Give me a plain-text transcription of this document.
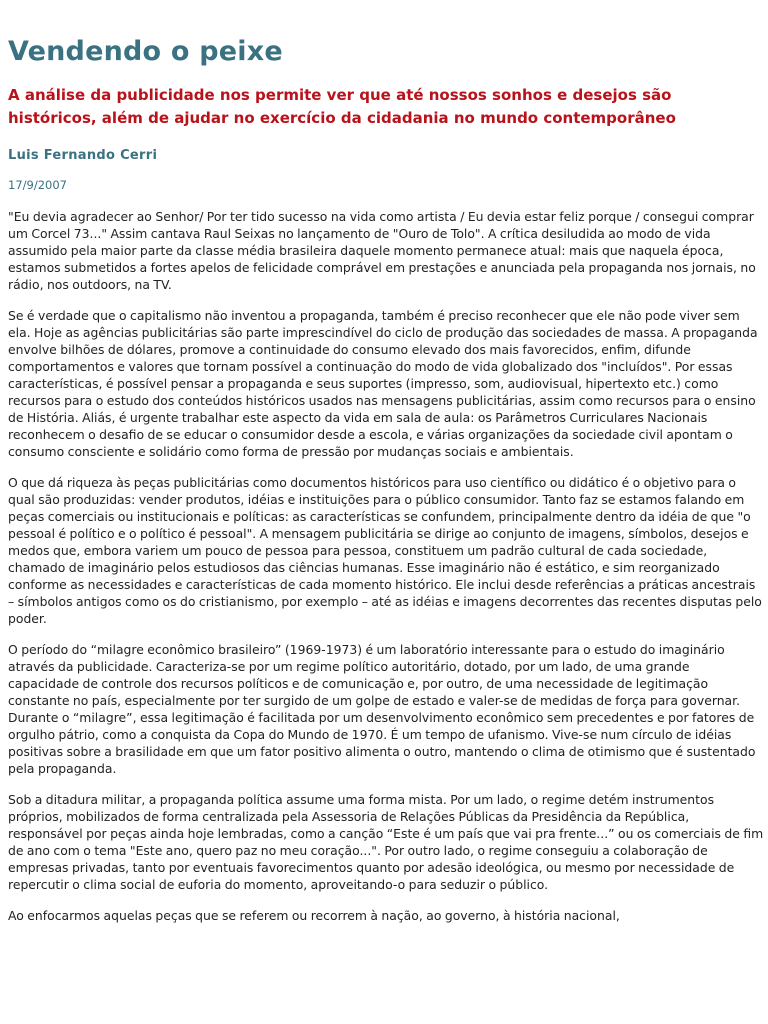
Vendendo o peixe
A análise da publicidade nos permite ver que até nossos sonhos e desejos são históricos, além de ajudar no exercício da cidadania no mundo contemporâneo
Luis Fernando Cerri
17/9/2007

"Eu devia agradecer ao Senhor/ Por ter tido sucesso na vida como artista / Eu devia estar feliz porque / consegui comprar um Corcel 73..." Assim cantava Raul Seixas no lançamento de "Ouro de Tolo". A crítica desiludida ao modo de vida assumido pela maior parte da classe média brasileira daquele momento permanece atual: mais que naquela época, estamos submetidos a fortes apelos de felicidade comprável em prestações e anunciada pela propaganda nos jornais, no rádio, nos outdoors, na TV.

Se é verdade que o capitalismo não inventou a propaganda, também é preciso reconhecer que ele não pode viver sem ela. Hoje as agências publicitárias são parte imprescindível do ciclo de produção das sociedades de massa. A propaganda envolve bilhões de dólares, promove a continuidade do consumo elevado dos mais favorecidos, enfim, difunde comportamentos e valores que tornam possível a continuação do modo de vida globalizado dos "incluídos". Por essas características, é possível pensar a propaganda e seus suportes (impresso, som, audiovisual, hipertexto etc.) como recursos para o estudo dos conteúdos históricos usados nas mensagens publicitárias, assim como recursos para o ensino de História. Aliás, é urgente trabalhar este aspecto da vida em sala de aula: os Parâmetros Curriculares Nacionais reconhecem o desafio de se educar o consumidor desde a escola, e várias organizações da sociedade civil apontam o consumo consciente e solidário como forma de pressão por mudanças sociais e ambientais.

O que dá riqueza às peças publicitárias como documentos históricos para uso científico ou didático é o objetivo para o qual são produzidas: vender produtos, idéias e instituições para o público consumidor. Tanto faz se estamos falando em peças comerciais ou institucionais e políticas: as características se confundem, principalmente dentro da idéia de que "o pessoal é político e o político é pessoal". A mensagem publicitária se dirige ao conjunto de imagens, símbolos, desejos e medos que, embora variem um pouco de pessoa para pessoa, constituem um padrão cultural de cada sociedade, chamado de imaginário pelos estudiosos das ciências humanas. Esse imaginário não é estático, e sim reorganizado conforme as necessidades e características de cada momento histórico. Ele inclui desde referências a práticas ancestrais – símbolos antigos como os do cristianismo, por exemplo – até as idéias e imagens decorrentes das recentes disputas pelo poder.

O período do “milagre econômico brasileiro” (1969-1973) é um laboratório interessante para o estudo do imaginário através da publicidade. Caracteriza-se por um regime político autoritário, dotado, por um lado, de uma grande capacidade de controle dos recursos políticos e de comunicação e, por outro, de uma necessidade de legitimação constante no país, especialmente por ter surgido de um golpe de estado e valer-se de medidas de força para governar. Durante o “milagre”, essa legitimação é facilitada por um desenvolvimento econômico sem precedentes e por fatores de orgulho pátrio, como a conquista da Copa do Mundo de 1970. É um tempo de ufanismo. Vive-se num círculo de idéias positivas sobre a brasilidade em que um fator positivo alimenta o outro, mantendo o clima de otimismo que é sustentado pela propaganda.

Sob a ditadura militar, a propaganda política assume uma forma mista. Por um lado, o regime detém instrumentos próprios, mobilizados de forma centralizada pela Assessoria de Relações Públicas da Presidência da República, responsável por peças ainda hoje lembradas, como a canção “Este é um país que vai pra frente...” ou os comerciais de fim de ano com o tema "Este ano, quero paz no meu coração...". Por outro lado, o regime conseguiu a colaboração de empresas privadas, tanto por eventuais favorecimentos quanto por adesão ideológica, ou mesmo por necessidade de repercutir o clima social de euforia do momento, aproveitando-o para seduzir o público.

Ao enfocarmos aquelas peças que se referem ou recorrem à nação, ao governo, à história nacional,
